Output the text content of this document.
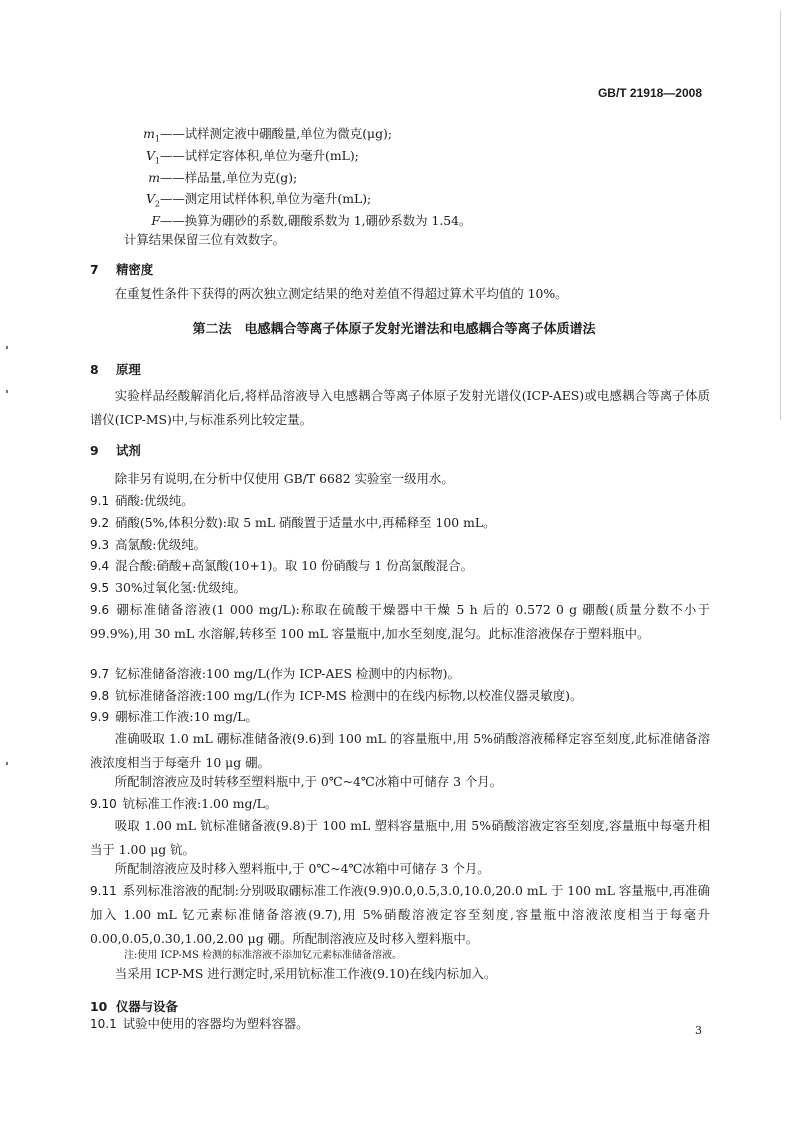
GB/T 21918—2008
$m_1——$试样测定液中硼酸量,单位为微克(μg);
$V_1——$试样定容体积,单位为毫升(mL);
m——样品量,单位为克(g);
$V_2——$测定用试样体积,单位为毫升(mL);
F——换算为硼砂的系数,硼酸系数为 1,硼砂系数为 1.54。
计算结果保留三位有效数字。
7 精密度
在重复性条件下获得的两次独立测定结果的绝对差值不得超过算术平均值的 10%。
第二法　电感耦合等离子体原子发射光谱法和电感耦合等离子体质谱法
8 原理
实验样品经酸解消化后,将样品溶液导入电感耦合等离子体原子发射光谱仪(ICP-AES)或电感耦合等离子体质谱仪(ICP-MS)中,与标准系列比较定量。
9 试剂
除非另有说明,在分析中仅使用 GB/T 6682 实验室一级用水。
9.1 硝酸:优级纯。
9.2 硝酸(5%,体积分数):取 5 mL 硝酸置于适量水中,再稀释至 100 mL。
9.3 高氯酸:优级纯。
9.4 混合酸:硝酸+高氯酸(10+1)。取 10 份硝酸与 1 份高氯酸混合。
9.5 30%过氧化氢:优级纯。
9.6 硼标准储备溶液(1 000 mg/L):称取在硫酸干燥器中干燥 5 h 后的 0.572 0 g 硼酸(质量分数不小于 99.9%),用 30 mL 水溶解,转移至 100 mL 容量瓶中,加水至刻度,混匀。此标准溶液保存于塑料瓶中。
9.7 钇标准储备溶液:100 mg/L(作为 ICP-AES 检测中的内标物)。
9.8 钪标准储备溶液:100 mg/L(作为 ICP-MS 检测中的在线内标物,以校准仪器灵敏度)。
9.9 硼标准工作液:10 mg/L。
准确吸取 1.0 mL 硼标准储备液(9.6)到 100 mL 的容量瓶中,用 5%硝酸溶液稀释定容至刻度,此标准储备溶液浓度相当于每毫升 10 μg 硼。
所配制溶液应及时转移至塑料瓶中,于 0℃~4℃冰箱中可储存 3 个月。
9.10 钪标准工作液:1.00 mg/L。
吸取 1.00 mL 钪标准储备液(9.8)于 100 mL 塑料容量瓶中,用 5%硝酸溶液定容至刻度,容量瓶中每毫升相当于 1.00 μg 钪。
所配制溶液应及时移入塑料瓶中,于 0℃~4℃冰箱中可储存 3 个月。
9.11 系列标准溶液的配制:分别吸取硼标准工作液(9.9)0.0,0.5,3.0,10.0,20.0 mL 于 100 mL 容量瓶中,再准确加入 1.00 mL 钇元素标准储备溶液(9.7),用 5%硝酸溶液定容至刻度,容量瓶中溶液浓度相当于每毫升 0.00,0.05,0.30,1.00,2.00 μg 硼。所配制溶液应及时移入塑料瓶中。
注:使用 ICP-MS 检测的标准溶液不添加钇元素标准储备溶液。
当采用 ICP-MS 进行测定时,采用钪标准工作液(9.10)在线内标加入。
10 仪器与设备
10.1 试验中使用的容器均为塑料容器。	3
